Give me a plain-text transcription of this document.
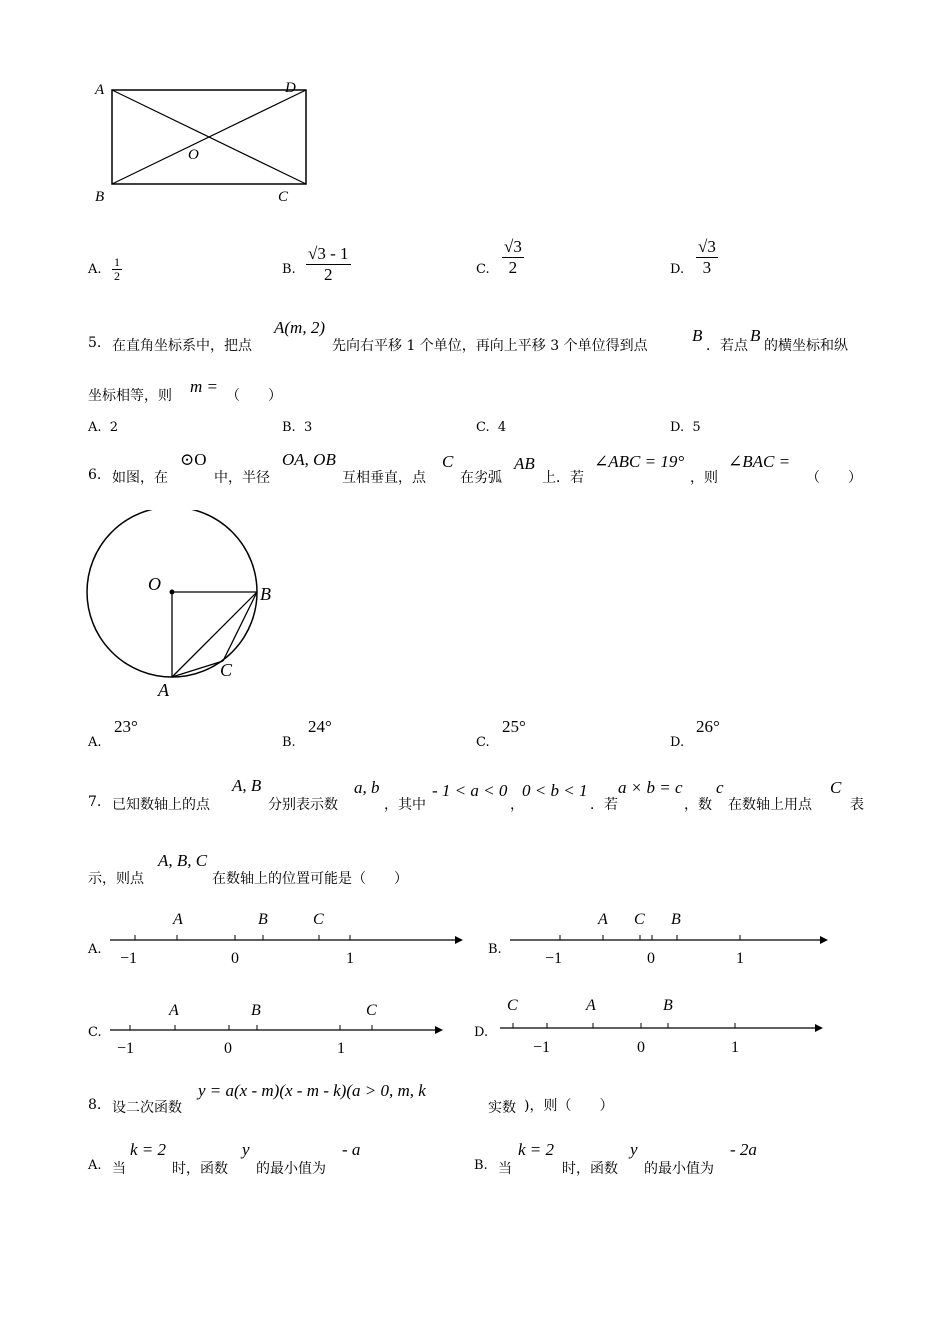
A	D
O
B	C
A. $\frac{1}{2}$	B. $\frac{√3 - 1}{2}$	C. $\frac{√3}{2}$	D. $\frac{√3}{3}$
5. 在直角坐标系中，把点
A(m, 2)
先向右平移 1 个单位，再向上平移 3 个单位得到点
B
．若点
B
的横坐标和纵
坐标相等，则 m = （　　）
A. 2	B. 3	C. 4	D. 5
6. 如图，在
⊙O
中，半径
OA, OB
互相垂直，点
C
在劣弧
AB
上．若
∠ABC = 19°
，则
∠BAC =
（　　）
O	B
A
C
A.
23°
B.
24°
C.
25°
D.
26°
7. 已知数轴上的点
A, B
分别表示数
a, b
，其中
- 1 < a < 0
，
0 < b < 1
．若
a × b = c
，数
c
在数轴上用点
C
表
示，则点
A, B, C
在数轴上的位置可能是（　　）
A.
−1	0	1
A	B	C
B.
−1	0	1
A C B
C.
−1	0	1
A	B	C
D.
−1	0	1
C	A	B
8. 设二次函数
y = a(x - m)(x - m - k)(a > 0, m, k
实数 )，则（　　）
A. 当
k = 2
时，函数
y
的最小值为
- a
B. 当
k = 2
时，函数
y
的最小值为
- 2a
